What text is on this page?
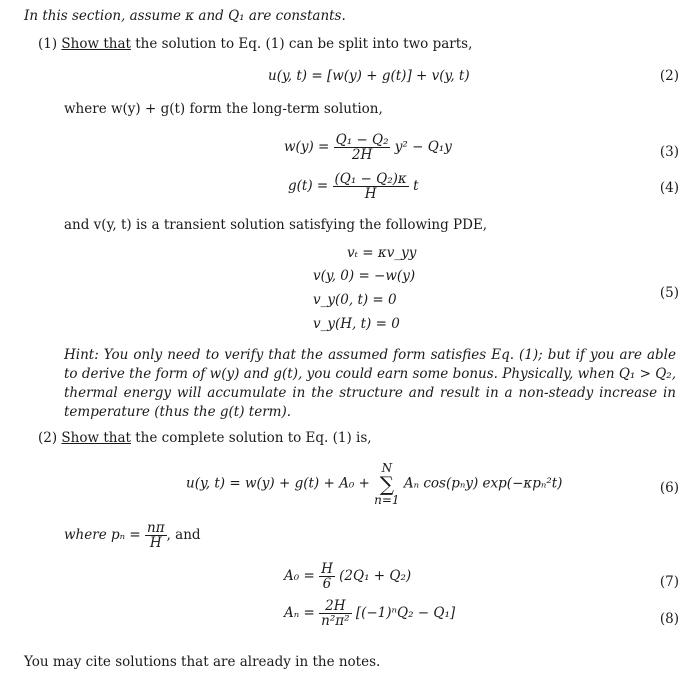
In this section, assume κ and Q₁ are constants.
(1) Show that the solution to Eq. (1) can be split into two parts,
u(y, t) = [w(y) + g(t)] + v(y, t)	(2)
where w(y) + g(t) form the long-term solution,
$w(y) = \frac{\text{Q₁ − Q₂}}{2H} y^2 - Q_1y$	(3)
$g(t) = \frac{\text{(Q₁ − Q₂)κ}}{H}$ t	(4)
and v(y, t) is a transient solution satisfying the following PDE,
vₜ = κv_yy
v(y, 0) = −w(y)
v_y(0, t) = 0
v_y(H, t) = 0
(5)
Hint: You only need to verify that the assumed form satisfies Eq. (1); but if you are able to derive the form of w(y) and g(t), you could earn some bonus. Physically, when Q₁ > Q₂, thermal energy will accumulate in the structure and result in a non-steady increase in temperature (thus the g(t) term).
(2) Show that the complete solution to Eq. (1) is,
u(y, t) = w(y) + g(t) + A₀ + N
∑
n=1 Aₙ cos(pₙy) exp(−κpₙ²t)	(6)
where $p_n = \frac{n\pi}{H}$ , and
$A_0 = \frac{H}{6} (2Q_1 + Q_2)$	(7)
$A_n = \frac{2H}{\text{n²π²}} [(-1)^nQ_2 - Q_1]$	(8)
You may cite solutions that are already in the notes.
